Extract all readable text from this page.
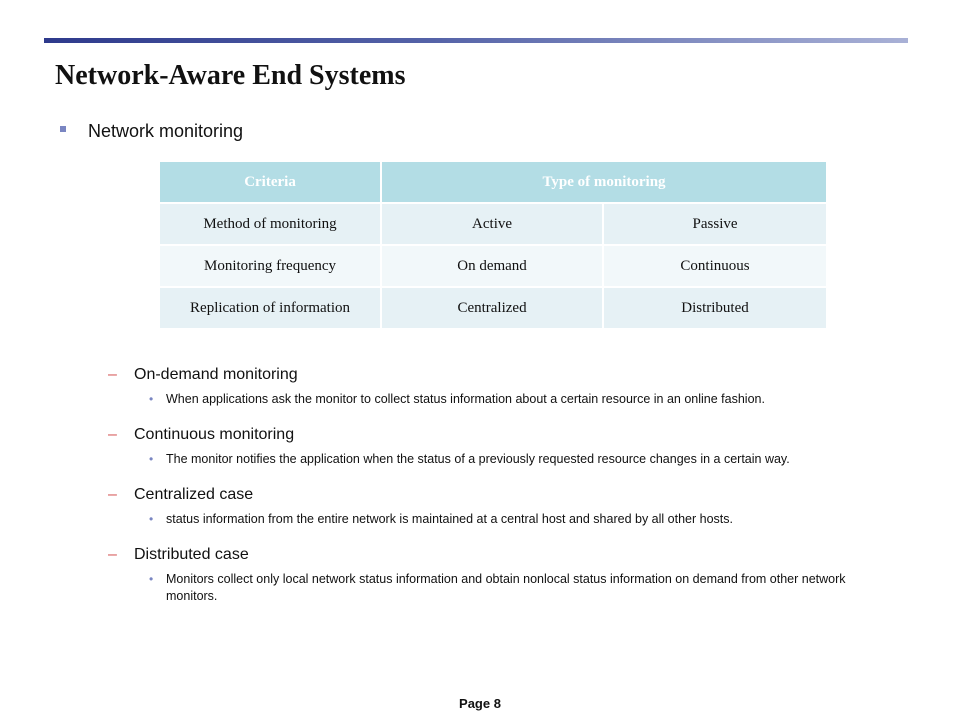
Network-Aware End Systems
Network monitoring
Criteria	Type of monitoring	
Method of monitoring	Active	Passive
Monitoring frequency	On demand	Continuous
Replication of information	Centralized	Distributed
– On-demand monitoring
• When applications ask the monitor to collect status information about a certain resource in an online fashion.
– Continuous monitoring
• The monitor notifies the application when the status of a previously requested resource changes in a certain way.
– Centralized case
• status information from the entire network is maintained at a central host and shared by all other hosts.
– Distributed case
• Monitors collect only local network status information and obtain nonlocal status information on demand from other network monitors.
Page 8
